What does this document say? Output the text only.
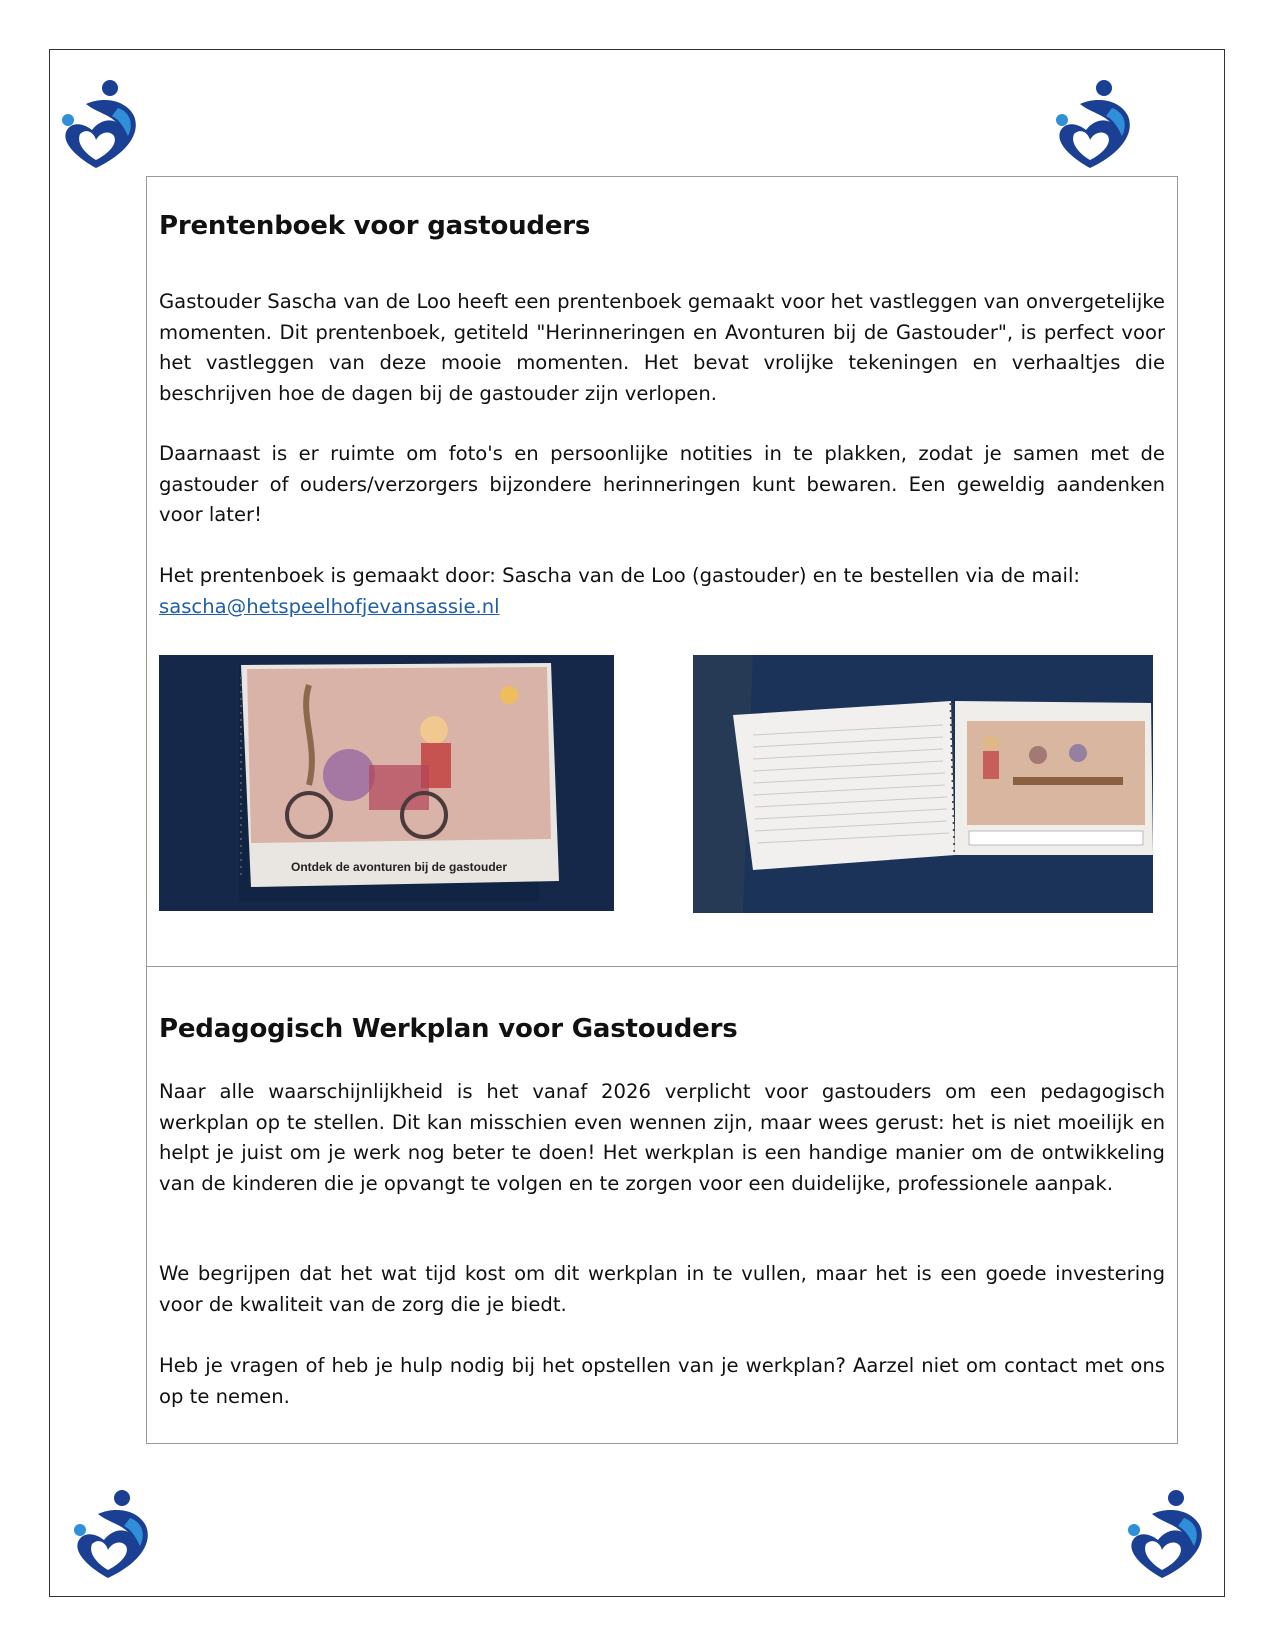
Prentenboek voor gastouders

Gastouder Sascha van de Loo heeft een prentenboek gemaakt voor het vastleggen van onvergetelijke momenten. Dit prentenboek, getiteld "Herinneringen en Avonturen bij de Gastouder", is perfect voor het vastleggen van deze mooie momenten. Het bevat vrolijke tekeningen en verhaaltjes die beschrijven hoe de dagen bij de gastouder zijn verlopen.

Daarnaast is er ruimte om foto's en persoonlijke notities in te plakken, zodat je samen met de gastouder of ouders/verzorgers bijzondere herinneringen kunt bewaren. Een geweldig aandenken voor later!

Het prentenboek is gemaakt door: Sascha van de Loo (gastouder) en te bestellen via de mail:
sascha@hetspeelhofjevansassie.nl

Ontdek de avonturen bij de gastouder
Pedagogisch Werkplan voor Gastouders

Naar alle waarschijnlijkheid is het vanaf 2026 verplicht voor gastouders om een pedagogisch werkplan op te stellen. Dit kan misschien even wennen zijn, maar wees gerust: het is niet moeilijk en helpt je juist om je werk nog beter te doen! Het werkplan is een handige manier om de ontwikkeling van de kinderen die je opvangt te volgen en te zorgen voor een duidelijke, professionele aanpak.

We begrijpen dat het wat tijd kost om dit werkplan in te vullen, maar het is een goede investering voor de kwaliteit van de zorg die je biedt.

Heb je vragen of heb je hulp nodig bij het opstellen van je werkplan? Aarzel niet om contact met ons op te nemen.
